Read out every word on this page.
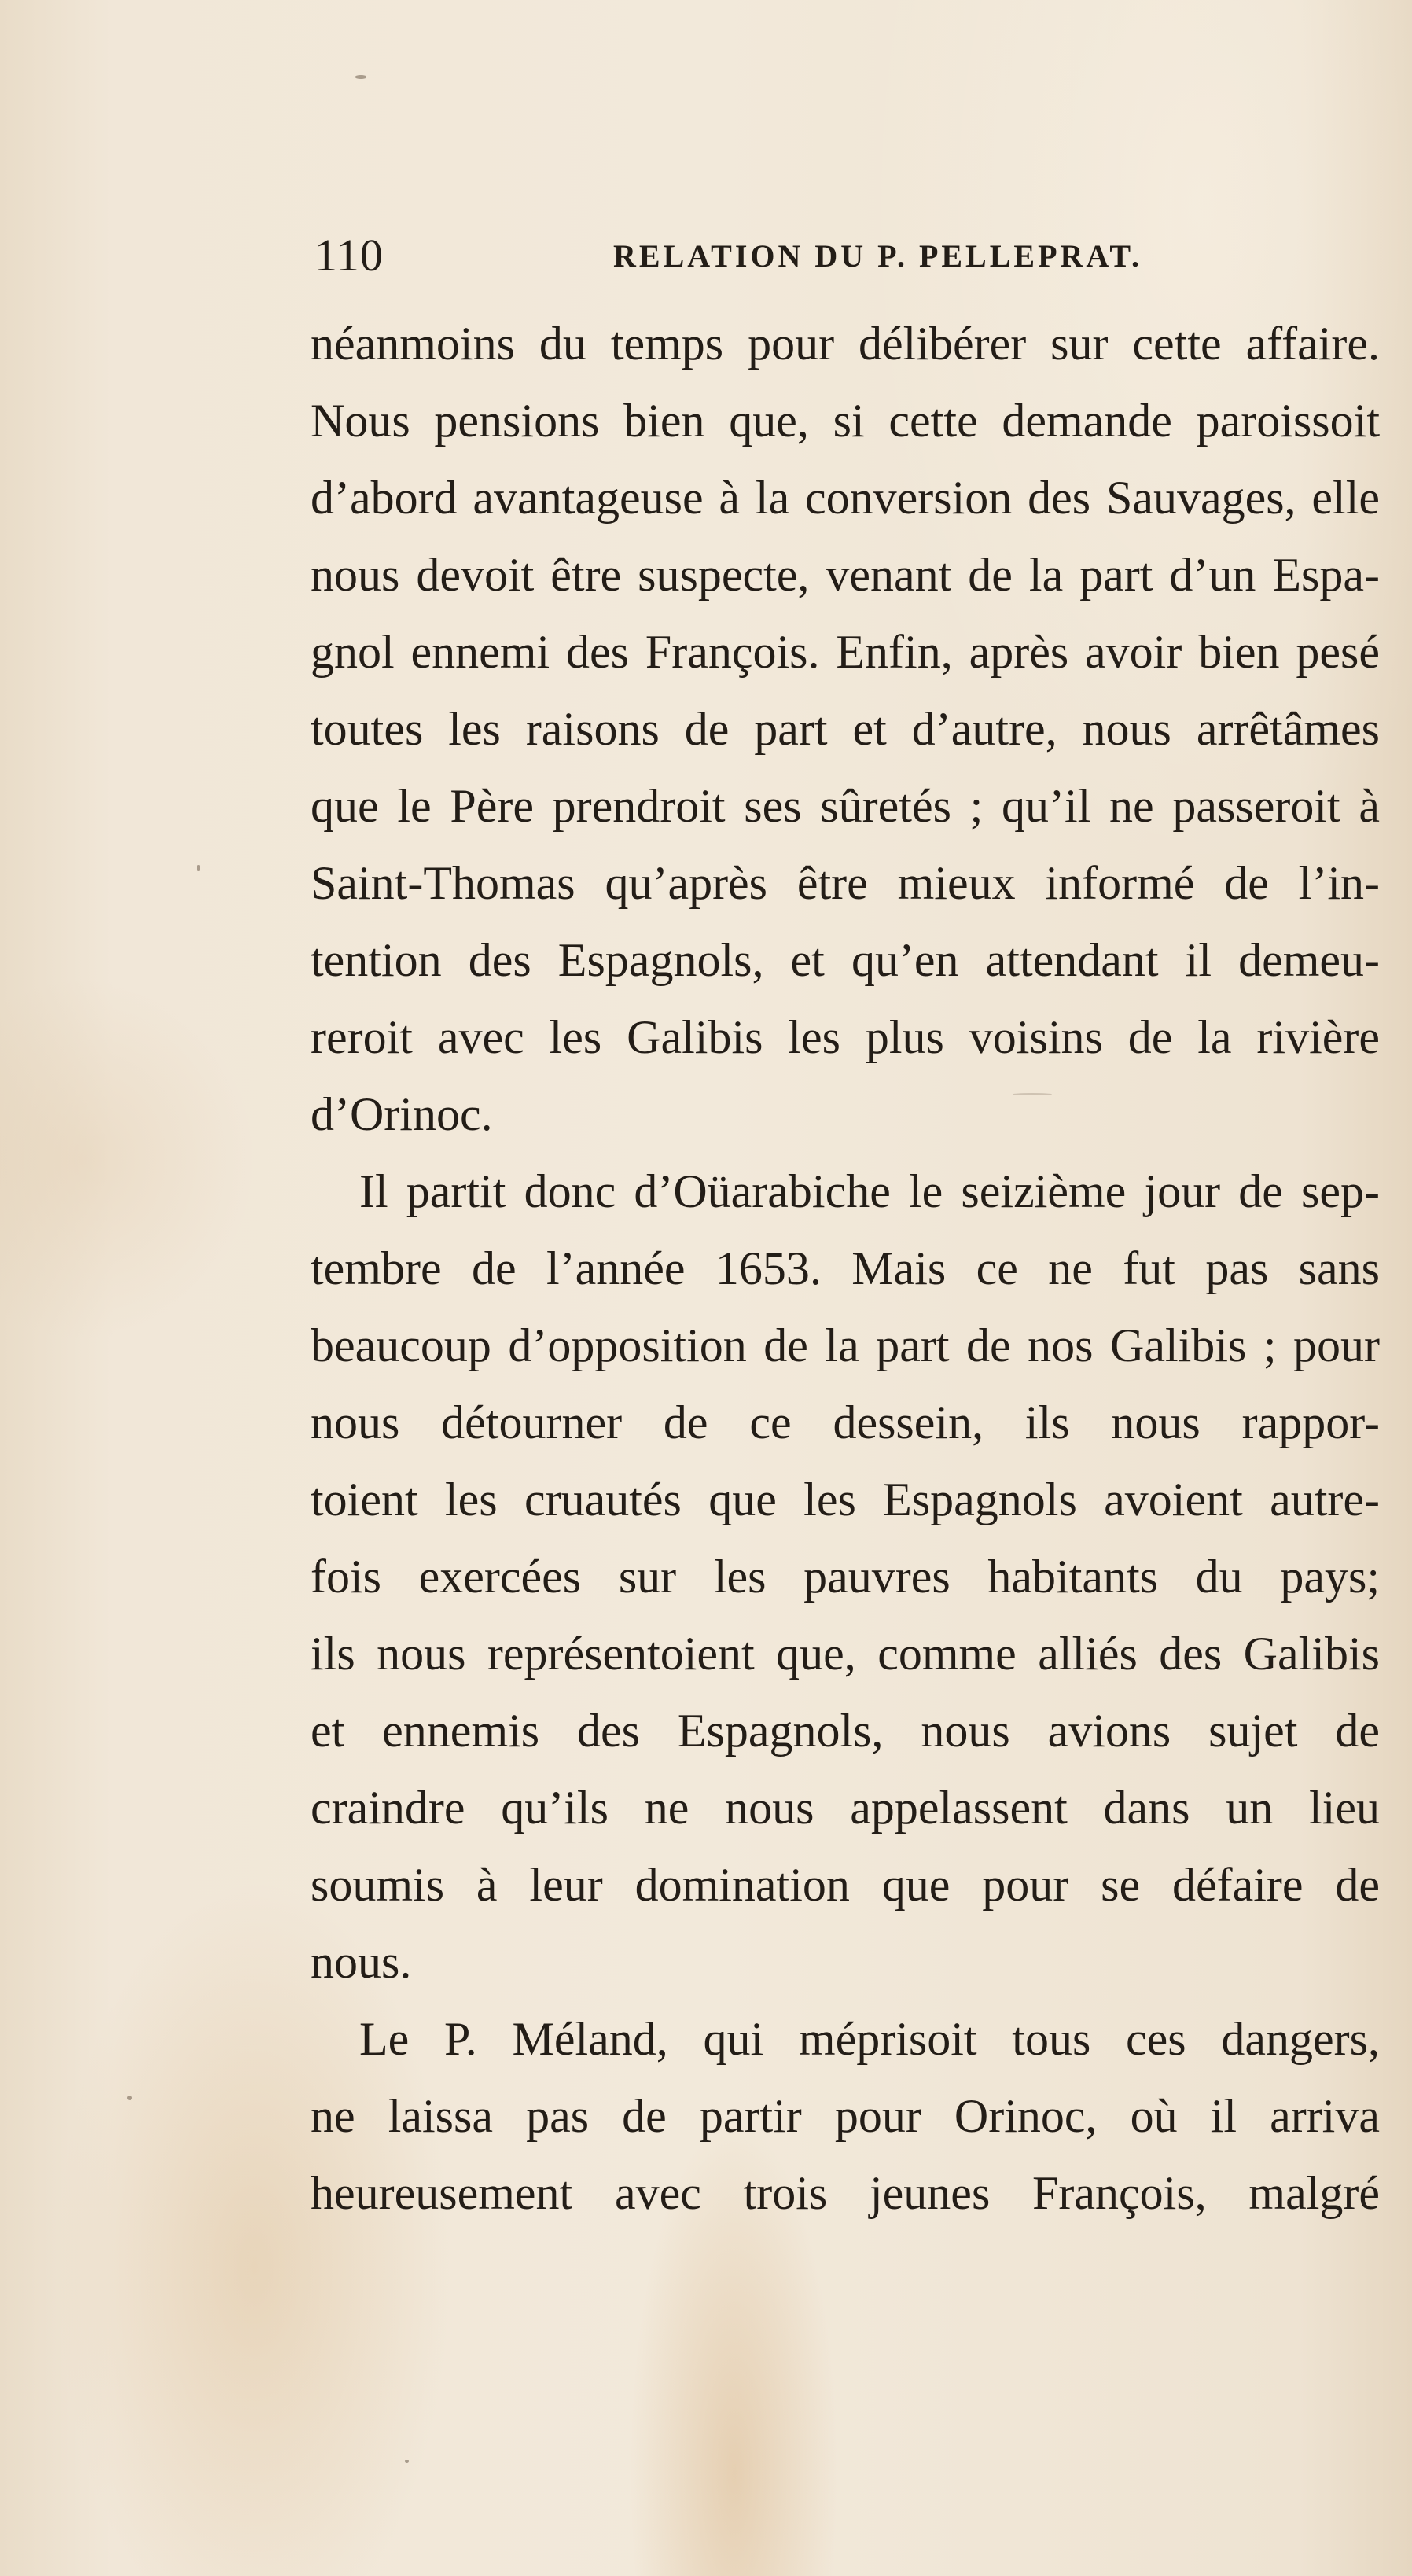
110	RELATION DU P. PELLEPRAT.
néanmoins du temps pour délibérer sur cette affaire.
Nous pensions bien que, si cette demande paroissoit
d’abord avantageuse à la conversion des Sauvages, elle
nous devoit être suspecte, venant de la part d’un Espa-
gnol ennemi des François. Enfin, après avoir bien pesé
toutes les raisons de part et d’autre, nous arrêtâmes
que le Père prendroit ses sûretés ; qu’il ne passeroit à
Saint-Thomas qu’après être mieux informé de l’in-
tention des Espagnols, et qu’en attendant il demeu-
reroit avec les Galibis les plus voisins de la rivière
d’Orinoc.
Il partit donc d’Oüarabiche le seizième jour de sep-
tembre de l’année 1653. Mais ce ne fut pas sans
beaucoup d’opposition de la part de nos Galibis ; pour
nous détourner de ce dessein, ils nous rappor-
toient les cruautés que les Espagnols avoient autre-
fois exercées sur les pauvres habitants du pays;
ils nous représentoient que, comme alliés des Galibis
et ennemis des Espagnols, nous avions sujet de
craindre qu’ils ne nous appelassent dans un lieu
soumis à leur domination que pour se défaire de
nous.
Le P. Méland, qui méprisoit tous ces dangers,
ne laissa pas de partir pour Orinoc, où il arriva
heureusement avec trois jeunes François, malgré
